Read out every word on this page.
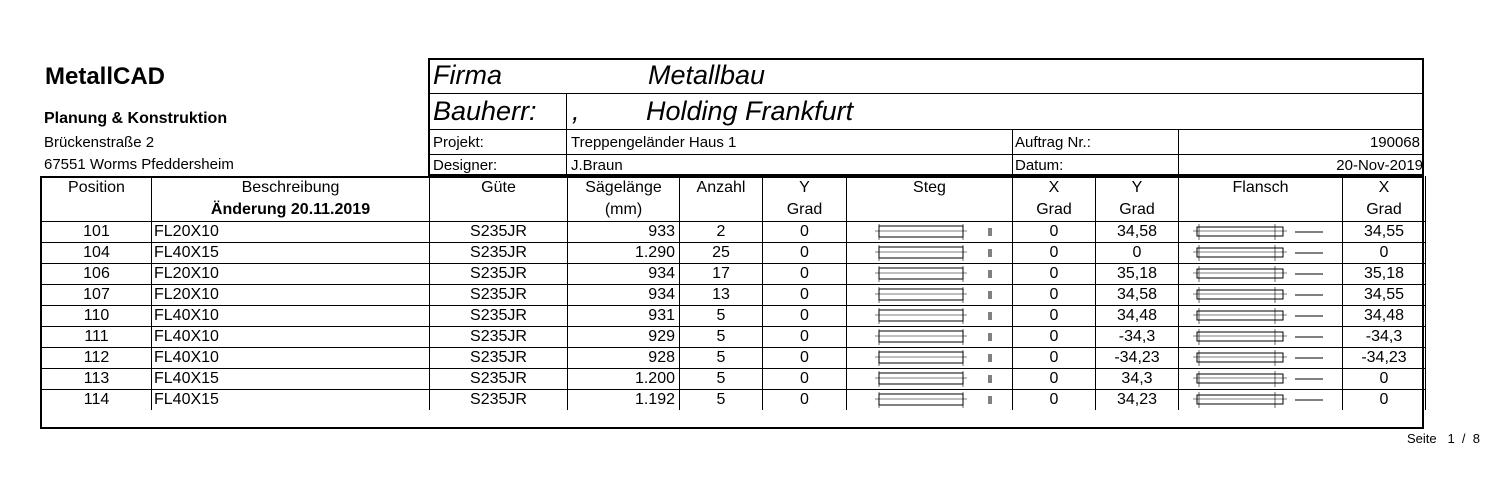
MetallCAD
Planung & Konstruktion
Brückenstraße 2
67551 Worms Pfeddersheim
Firma	Metallbau
Bauherr: , Holding Frankfurt
Projekt:	Treppengeländer Haus 1	Auftrag Nr.:	190068
Designer:	J.Braun	Datum:	20-Nov-2019
Position	Beschreibung	Güte	Sägelänge	Anzahl	Y	Steg	X	Y	Flansch	X
	Änderung 20.11.2019		(mm)		Grad		Grad	Grad		Grad
101	FL20X10	S235JR	933	2	0		0	34,58		34,55
104	FL40X15	S235JR	1.290	25	0		0	0		0
106	FL20X10	S235JR	934	17	0		0	35,18		35,18
107	FL20X10	S235JR	934	13	0		0	34,58		34,55
110	FL40X10	S235JR	931	5	0		0	34,48		34,48
111	FL40X10	S235JR	929	5	0		0	-34,3		-34,3
112	FL40X10	S235JR	928	5	0		0	-34,23		-34,23
113	FL40X15	S235JR	1.200	5	0		0	34,3		0
114	FL40X15	S235JR	1.192	5	0		0	34,23		0
Seite 1 / 8
